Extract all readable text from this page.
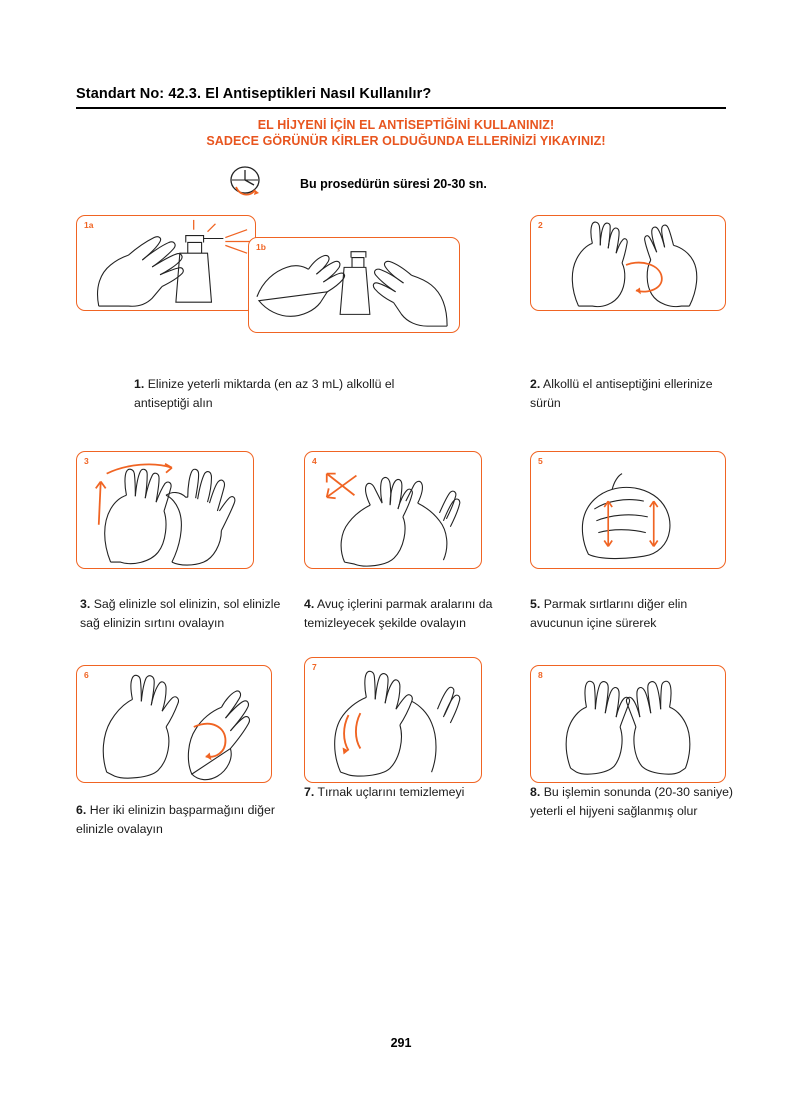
Standart No: 42.3. El Antiseptikleri Nasıl Kullanılır?
EL HİJYENİ İÇİN EL ANTİSEPTİĞİNİ KULLANINIZ!
SADECE GÖRÜNÜR KİRLER OLDUĞUNDA ELLERİNİZİ YIKAYINIZ!
Bu prosedürün süresi 20-30 sn.
1a
1b
2
1. Elinize yeterli miktarda (en az 3 mL) alkollü el antiseptiği alın
2. Alkollü el antiseptiğini ellerinize sürün
3	4	5
3. Sağ elinizle sol elinizin, sol elinizle sağ elinizin sırtını ovalayın
4. Avuç içlerini parmak aralarını da temizleyecek şekilde ovalayın
5. Parmak sırtlarını diğer elin avucunun içine sürerek
6
7
8
6. Her iki elinizin başparmağını diğer elinizle ovalayın
7. Tırnak uçlarını temizlemeyi	8. Bu işlemin sonunda (20-30 saniye) yeterli el hijyeni sağlanmış olur
291
